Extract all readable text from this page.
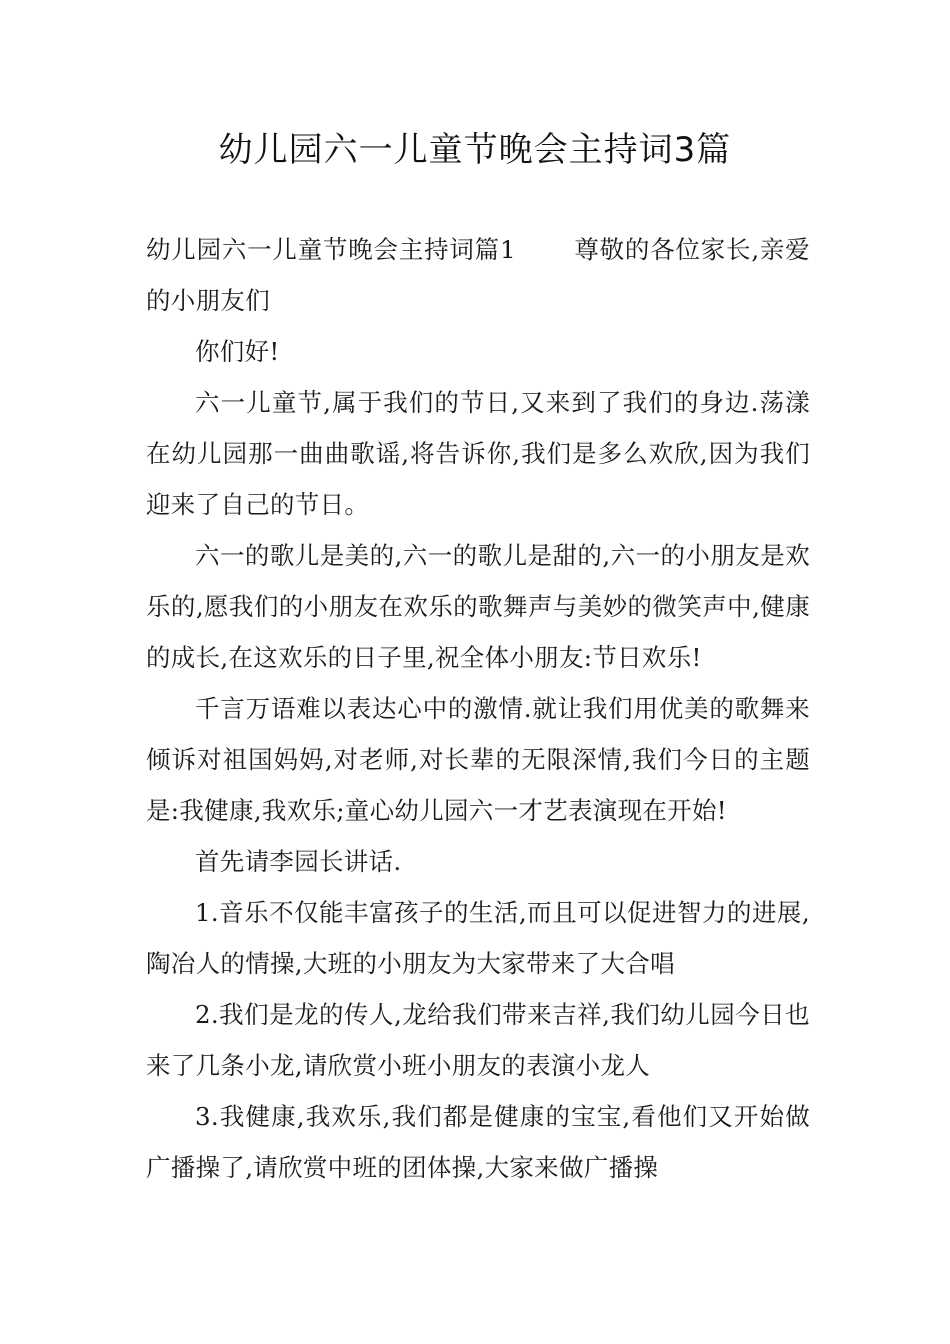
幼儿园六一儿童节晚会主持词3篇

幼儿园六一儿童节晚会主持词篇1 尊敬的各位家长,亲爱的小朋友们

你们好!

六一儿童节,属于我们的节日,又来到了我们的身边.荡漾在幼儿园那一曲曲歌谣,将告诉你,我们是多么欢欣,因为我们迎来了自己的节日。

六一的歌儿是美的,六一的歌儿是甜的,六一的小朋友是欢乐的,愿我们的小朋友在欢乐的歌舞声与美妙的微笑声中,健康的成长,在这欢乐的日子里,祝全体小朋友:节日欢乐!

千言万语难以表达心中的激情.就让我们用优美的歌舞来倾诉对祖国妈妈,对老师,对长辈的无限深情,我们今日的主题是:我健康,我欢乐;童心幼儿园六一才艺表演现在开始!

首先请李园长讲话.

1.音乐不仅能丰富孩子的生活,而且可以促进智力的进展,陶冶人的情操,大班的小朋友为大家带来了大合唱

2.我们是龙的传人,龙给我们带来吉祥,我们幼儿园今日也来了几条小龙,请欣赏小班小朋友的表演小龙人

3.我健康,我欢乐,我们都是健康的宝宝,看他们又开始做广播操了,请欣赏中班的团体操,大家来做广播操
